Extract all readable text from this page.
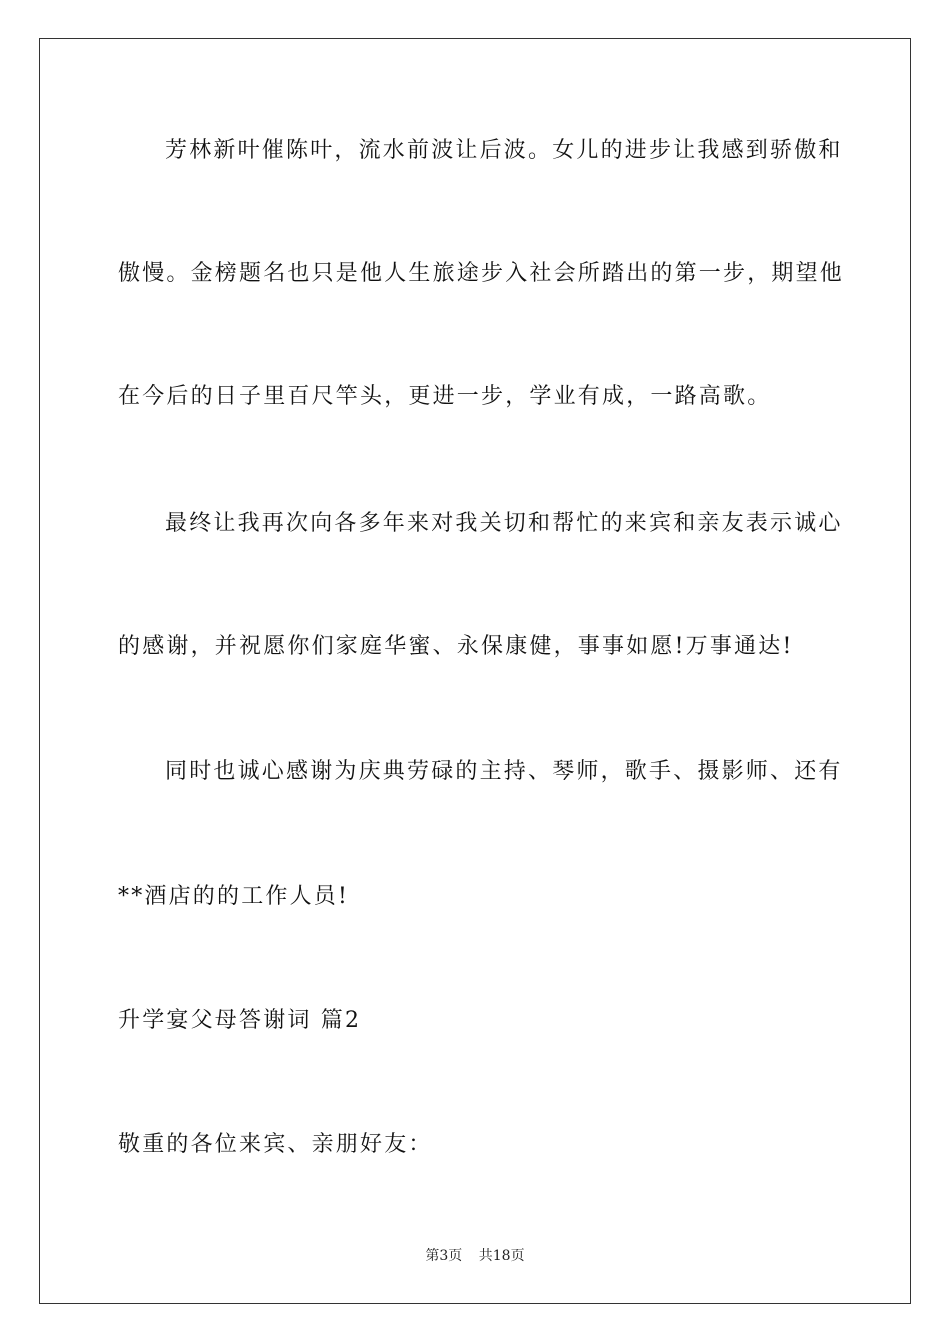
芳林新叶催陈叶，流水前波让后波。女儿的进步让我感到骄傲和
傲慢。金榜题名也只是他人生旅途步入社会所踏出的第一步，期望他
在今后的日子里百尺竿头，更进一步，学业有成，一路高歌。
最终让我再次向各多年来对我关切和帮忙的来宾和亲友表示诚心
的感谢，并祝愿你们家庭华蜜、永保康健，事事如愿!万事通达!
同时也诚心感谢为庆典劳碌的主持、琴师，歌手、摄影师、还有
**酒店的的工作人员!
升学宴父母答谢词 篇2
敬重的各位来宾、亲朋好友：
第3页 共18页
